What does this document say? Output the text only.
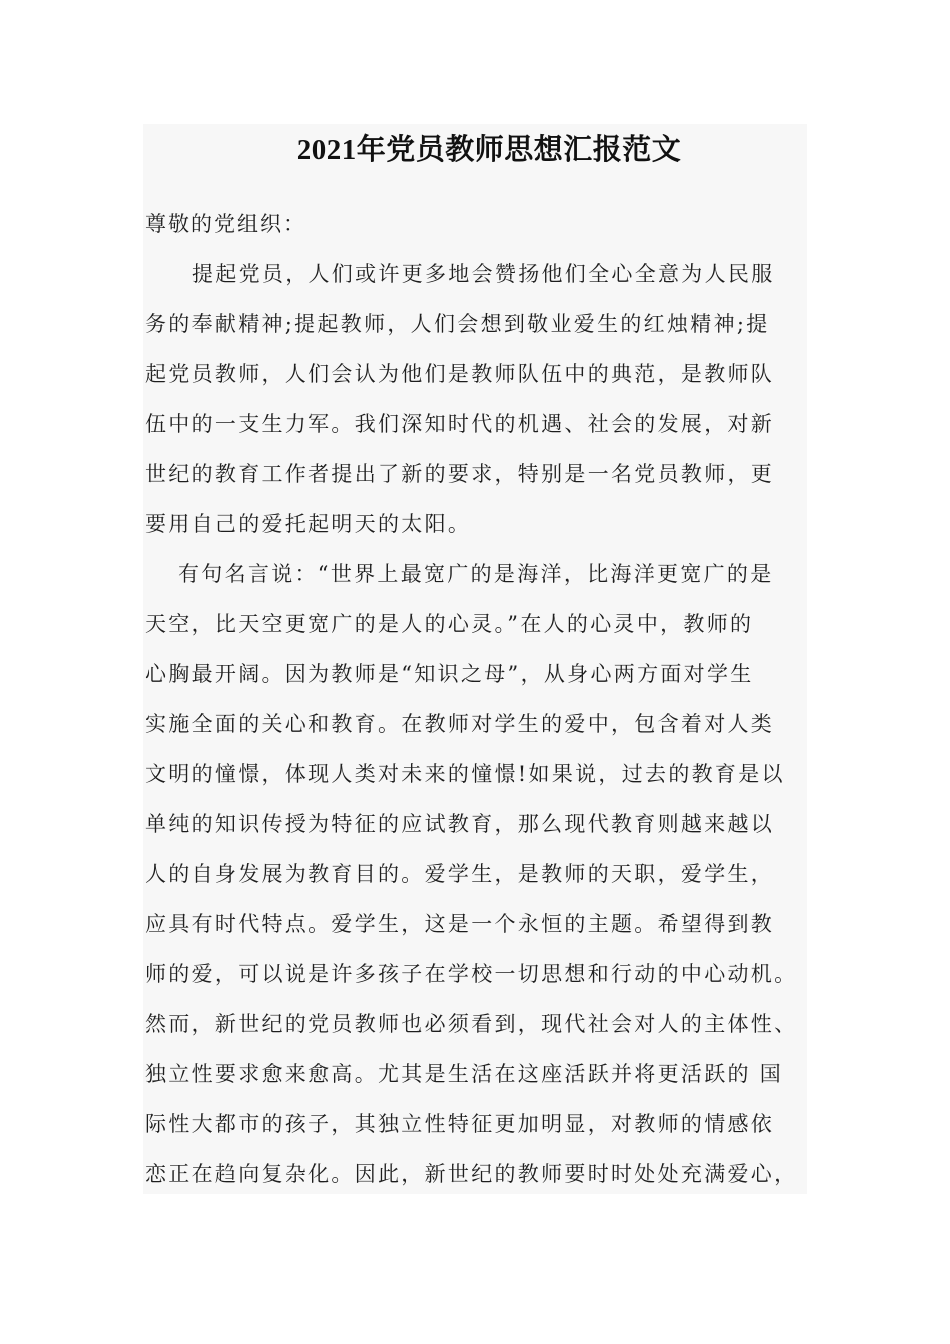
2021年党员教师思想汇报范文
尊敬的党组织：
提起党员，人们或许更多地会赞扬他们全心全意为人民服
务的奉献精神;提起教师，人们会想到敬业爱生的红烛精神;提
起党员教师，人们会认为他们是教师队伍中的典范，是教师队
伍中的一支生力军。我们深知时代的机遇、社会的发展，对新
世纪的教育工作者提出了新的要求，特别是一名党员教师，更
要用自己的爱托起明天的太阳。
有句名言说：“世界上最宽广的是海洋，比海洋更宽广的是
天空，比天空更宽广的是人的心灵。”在人的心灵中，教师的
心胸最开阔。因为教师是“知识之母”，从身心两方面对学生
实施全面的关心和教育。在教师对学生的爱中，包含着对人类
文明的憧憬，体现人类对未来的憧憬!如果说，过去的教育是以
单纯的知识传授为特征的应试教育，那么现代教育则越来越以
人的自身发展为教育目的。爱学生，是教师的天职，爱学生，
应具有时代特点。爱学生，这是一个永恒的主题。希望得到教
师的爱，可以说是许多孩子在学校一切思想和行动的中心动机。
然而，新世纪的党员教师也必须看到，现代社会对人的主体性、
独立性要求愈来愈高。尤其是生活在这座活跃并将更活跃的 国
际性大都市的孩子，其独立性特征更加明显，对教师的情感依
恋正在趋向复杂化。因此，新世纪的教师要时时处处充满爱心，
